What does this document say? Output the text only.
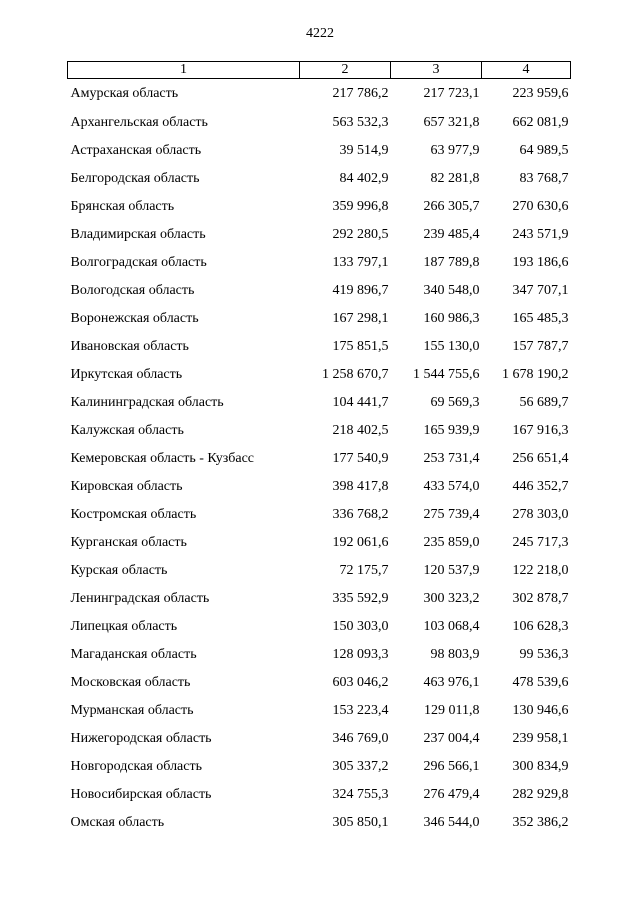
4222
1	2	3	4
Амурская область	217 786,2	217 723,1	223 959,6
Архангельская область	563 532,3	657 321,8	662 081,9
Астраханская область	39 514,9	63 977,9	64 989,5
Белгородская область	84 402,9	82 281,8	83 768,7
Брянская область	359 996,8	266 305,7	270 630,6
Владимирская область	292 280,5	239 485,4	243 571,9
Волгоградская область	133 797,1	187 789,8	193 186,6
Вологодская область	419 896,7	340 548,0	347 707,1
Воронежская область	167 298,1	160 986,3	165 485,3
Ивановская область	175 851,5	155 130,0	157 787,7
Иркутская область	1 258 670,7	1 544 755,6	1 678 190,2
Калининградская область	104 441,7	69 569,3	56 689,7
Калужская область	218 402,5	165 939,9	167 916,3
Кемеровская область - Кузбасс	177 540,9	253 731,4	256 651,4
Кировская область	398 417,8	433 574,0	446 352,7
Костромская область	336 768,2	275 739,4	278 303,0
Курганская область	192 061,6	235 859,0	245 717,3
Курская область	72 175,7	120 537,9	122 218,0
Ленинградская область	335 592,9	300 323,2	302 878,7
Липецкая область	150 303,0	103 068,4	106 628,3
Магаданская область	128 093,3	98 803,9	99 536,3
Московская область	603 046,2	463 976,1	478 539,6
Мурманская область	153 223,4	129 011,8	130 946,6
Нижегородская область	346 769,0	237 004,4	239 958,1
Новгородская область	305 337,2	296 566,1	300 834,9
Новосибирская область	324 755,3	276 479,4	282 929,8
Омская область	305 850,1	346 544,0	352 386,2
